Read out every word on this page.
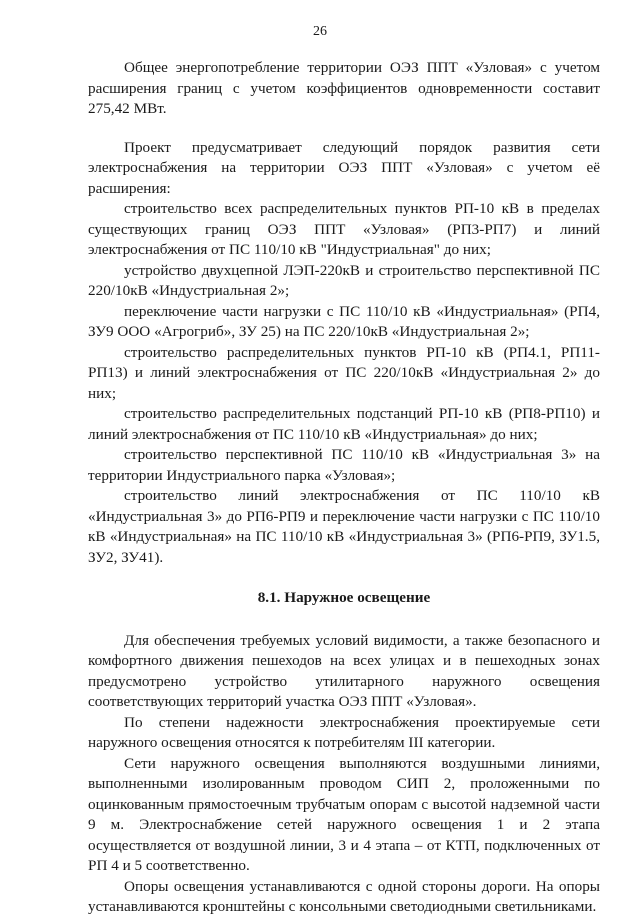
26

Общее энергопотребление территории ОЭЗ ППТ «Узловая» с учетом расширения границ с учетом коэффициентов одновременности составит 275,42 МВт.

Проект предусматривает следующий порядок развития сети электроснабжения на территории ОЭЗ ППТ «Узловая» с учетом её расширения:

строительство всех распределительных пунктов РП-10 кВ в пределах существующих границ ОЭЗ ППТ «Узловая» (РП3-РП7) и линий электроснабжения от ПС 110/10 кВ "Индустриальная" до них;

устройство двухцепной ЛЭП-220кВ и строительство перспективной ПС 220/10кВ «Индустриальная 2»;

переключение части нагрузки с ПС 110/10 кВ «Индустриальная» (РП4, ЗУ9 ООО «Агрогриб», ЗУ 25) на ПС 220/10кВ «Индустриальная 2»;

строительство распределительных пунктов РП-10 кВ (РП4.1, РП11-РП13) и линий электроснабжения от ПС 220/10кВ «Индустриальная 2» до них;

строительство распределительных подстанций РП-10 кВ (РП8-РП10) и линий электроснабжения от ПС 110/10 кВ «Индустриальная» до них;

строительство перспективной ПС 110/10 кВ «Индустриальная 3» на территории Индустриального парка «Узловая»;

строительство линий электроснабжения от ПС 110/10 кВ «Индустриальная 3» до РП6-РП9 и переключение части нагрузки с ПС 110/10 кВ «Индустриальная» на ПС 110/10 кВ «Индустриальная 3» (РП6-РП9, ЗУ1.5, ЗУ2, ЗУ41).

8.1. Наружное освещение

Для обеспечения требуемых условий видимости, а также безопасного и комфортного движения пешеходов на всех улицах и в пешеходных зонах предусмотрено устройство утилитарного наружного освещения соответствующих территорий участка ОЭЗ ППТ «Узловая».

По степени надежности электроснабжения проектируемые сети наружного освещения относятся к потребителям III категории.

Сети наружного освещения выполняются воздушными линиями, выполненными изолированным проводом СИП 2, проложенными по оцинкованным прямостоечным трубчатым опорам с высотой надземной части 9 м. Электроснабжение сетей наружного освещения 1 и 2 этапа осуществляется от воздушной линии, 3 и 4 этапа – от КТП, подключенных от РП 4 и 5 соответственно.

Опоры освещения устанавливаются с одной стороны дороги. На опоры устанавливаются кронштейны с консольными светодиодными светильниками.
